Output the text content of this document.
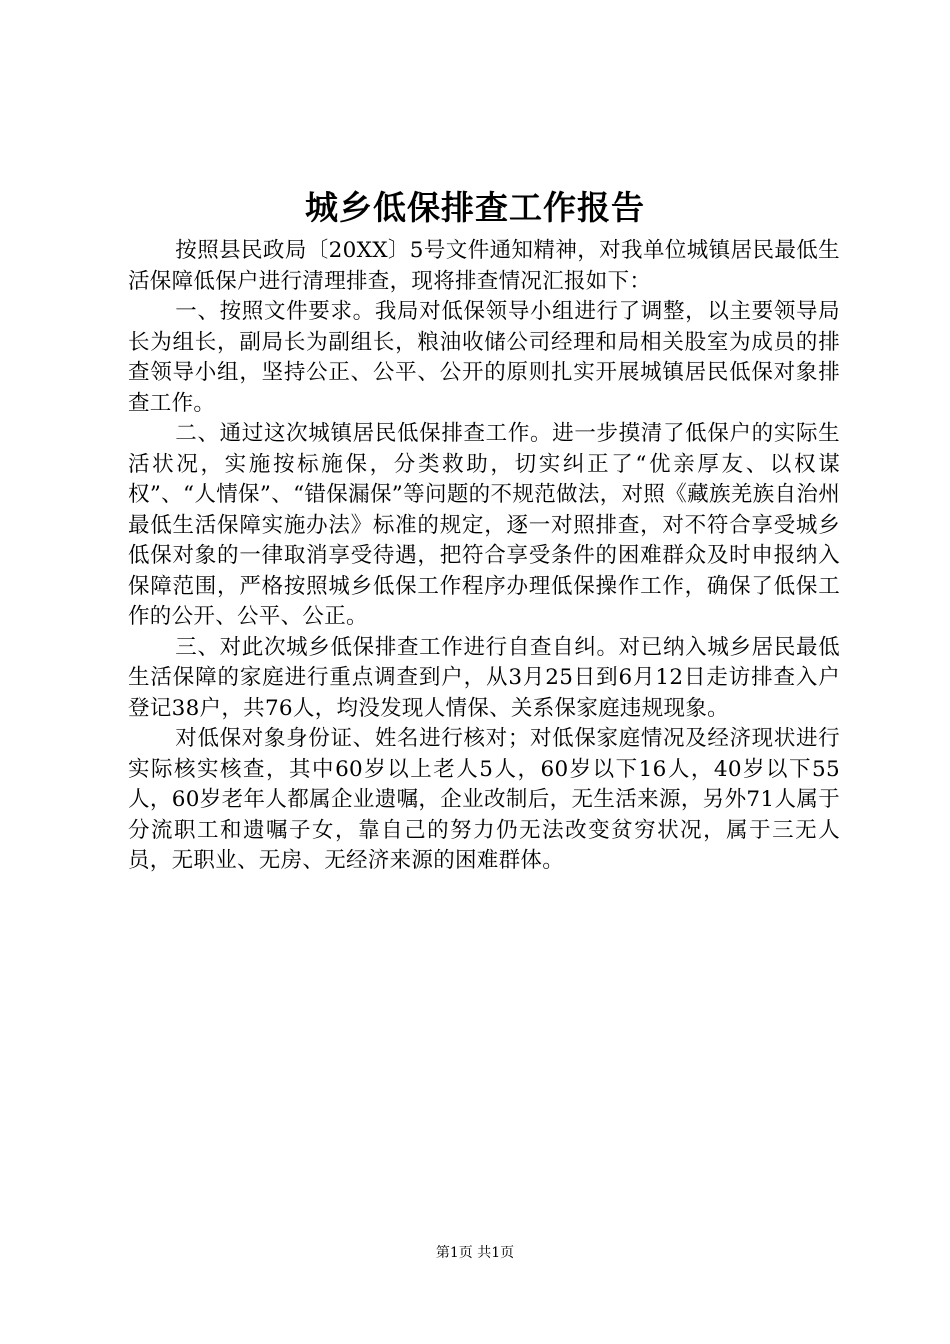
城乡低保排查工作报告

按照县民政局〔20XX〕5号文件通知精神，对我单位城镇居民最低生活保障低保户进行清理排查，现将排查情况汇报如下：

一、按照文件要求。我局对低保领导小组进行了调整，以主要领导局长为组长，副局长为副组长，粮油收储公司经理和局相关股室为成员的排查领导小组，坚持公正、公平、公开的原则扎实开展城镇居民低保对象排查工作。

二、通过这次城镇居民低保排查工作。进一步摸清了低保户的实际生活状况，实施按标施保，分类救助，切实纠正了“优亲厚友、以权谋权”、“人情保”、“错保漏保”等问题的不规范做法，对照《藏族羌族自治州最低生活保障实施办法》标准的规定，逐一对照排查，对不符合享受城乡低保对象的一律取消享受待遇，把符合享受条件的困难群众及时申报纳入保障范围，严格按照城乡低保工作程序办理低保操作工作，确保了低保工作的公开、公平、公正。

三、对此次城乡低保排查工作进行自查自纠。对已纳入城乡居民最低生活保障的家庭进行重点调查到户，从3月25日到6月12日走访排查入户登记38户，共76人，均没发现人情保、关系保家庭违规现象。

对低保对象身份证、姓名进行核对；对低保家庭情况及经济现状进行实际核实核查，其中60岁以上老人5人，60岁以下16人，40岁以下55人，60岁老年人都属企业遗嘱，企业改制后，无生活来源，另外71人属于分流职工和遗嘱子女，靠自己的努力仍无法改变贫穷状况，属于三无人员，无职业、无房、无经济来源的困难群体。

第1页 共1页
